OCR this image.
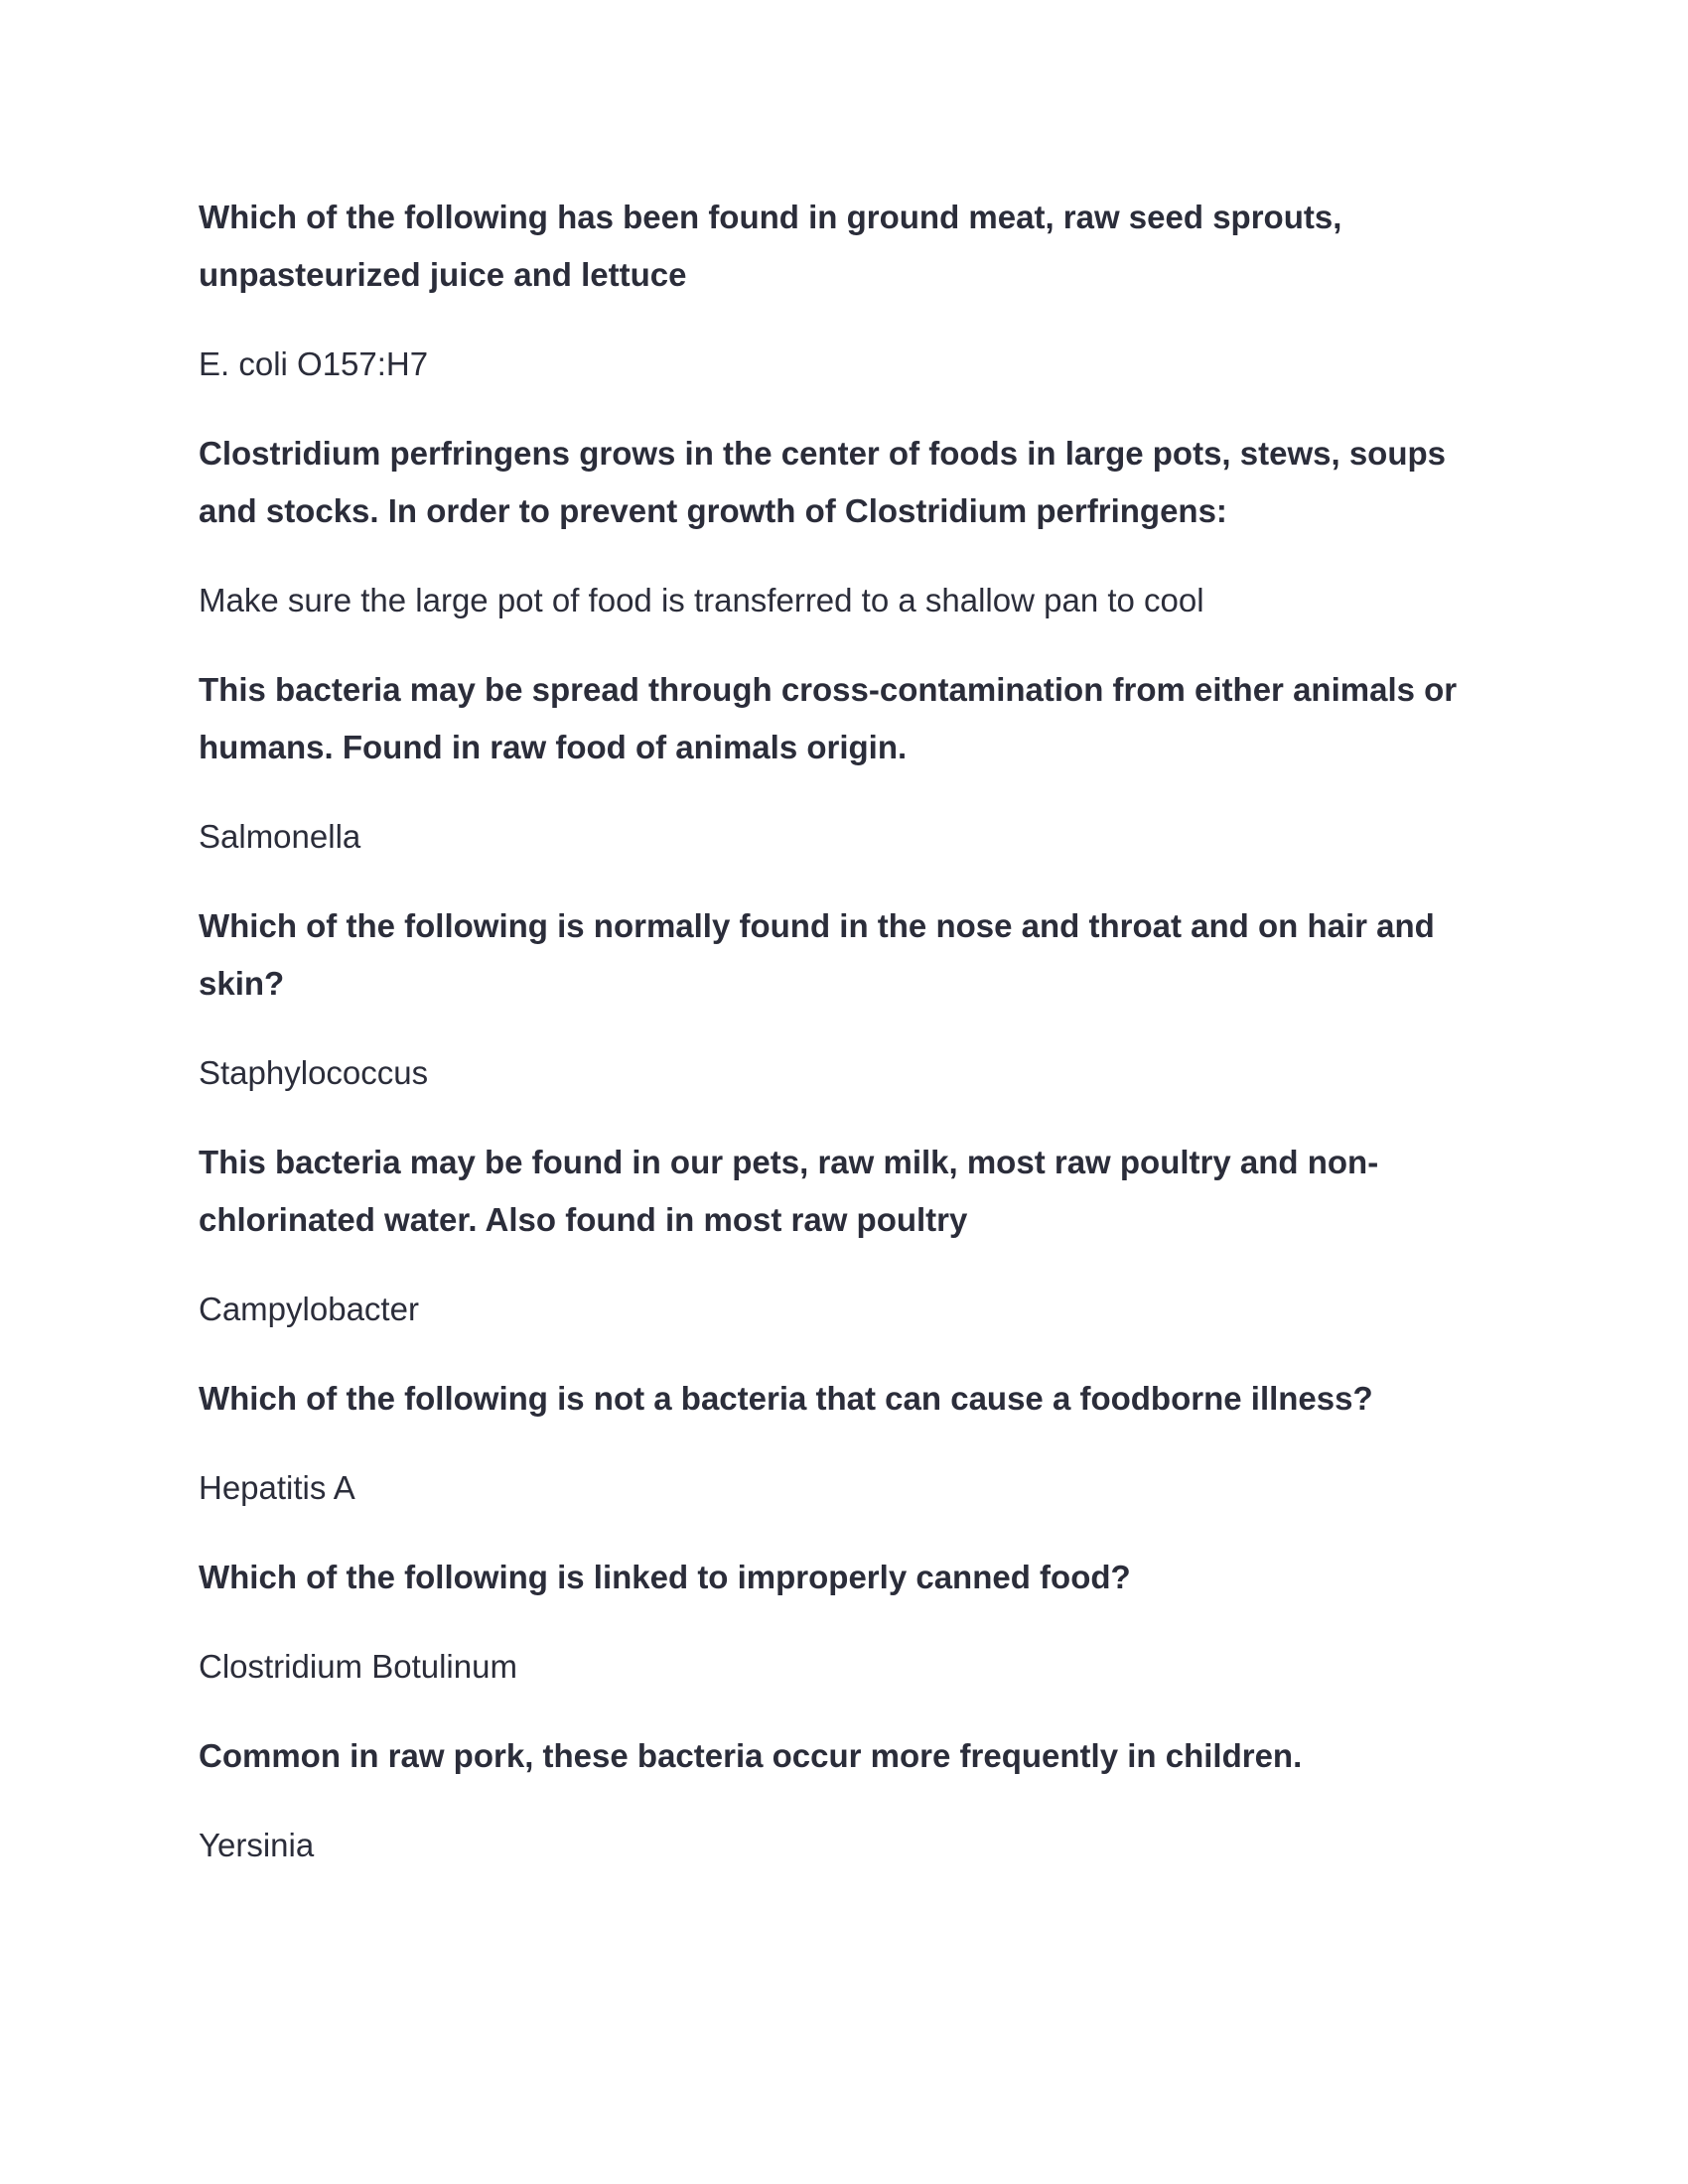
Which of the following has been found in ground meat, raw seed sprouts, unpasteurized juice and lettuce

E. coli O157:H7

Clostridium perfringens grows in the center of foods in large pots, stews, soups and stocks. In order to prevent growth of Clostridium perfringens:

Make sure the large pot of food is transferred to a shallow pan to cool

This bacteria may be spread through cross-contamination from either animals or humans. Found in raw food of animals origin.

Salmonella

Which of the following is normally found in the nose and throat and on hair and skin?

Staphylococcus

This bacteria may be found in our pets, raw milk, most raw poultry and non-chlorinated water. Also found in most raw poultry

Campylobacter

Which of the following is not a bacteria that can cause a foodborne illness?

Hepatitis A

Which of the following is linked to improperly canned food?

Clostridium Botulinum

Common in raw pork, these bacteria occur more frequently in children.

Yersinia
